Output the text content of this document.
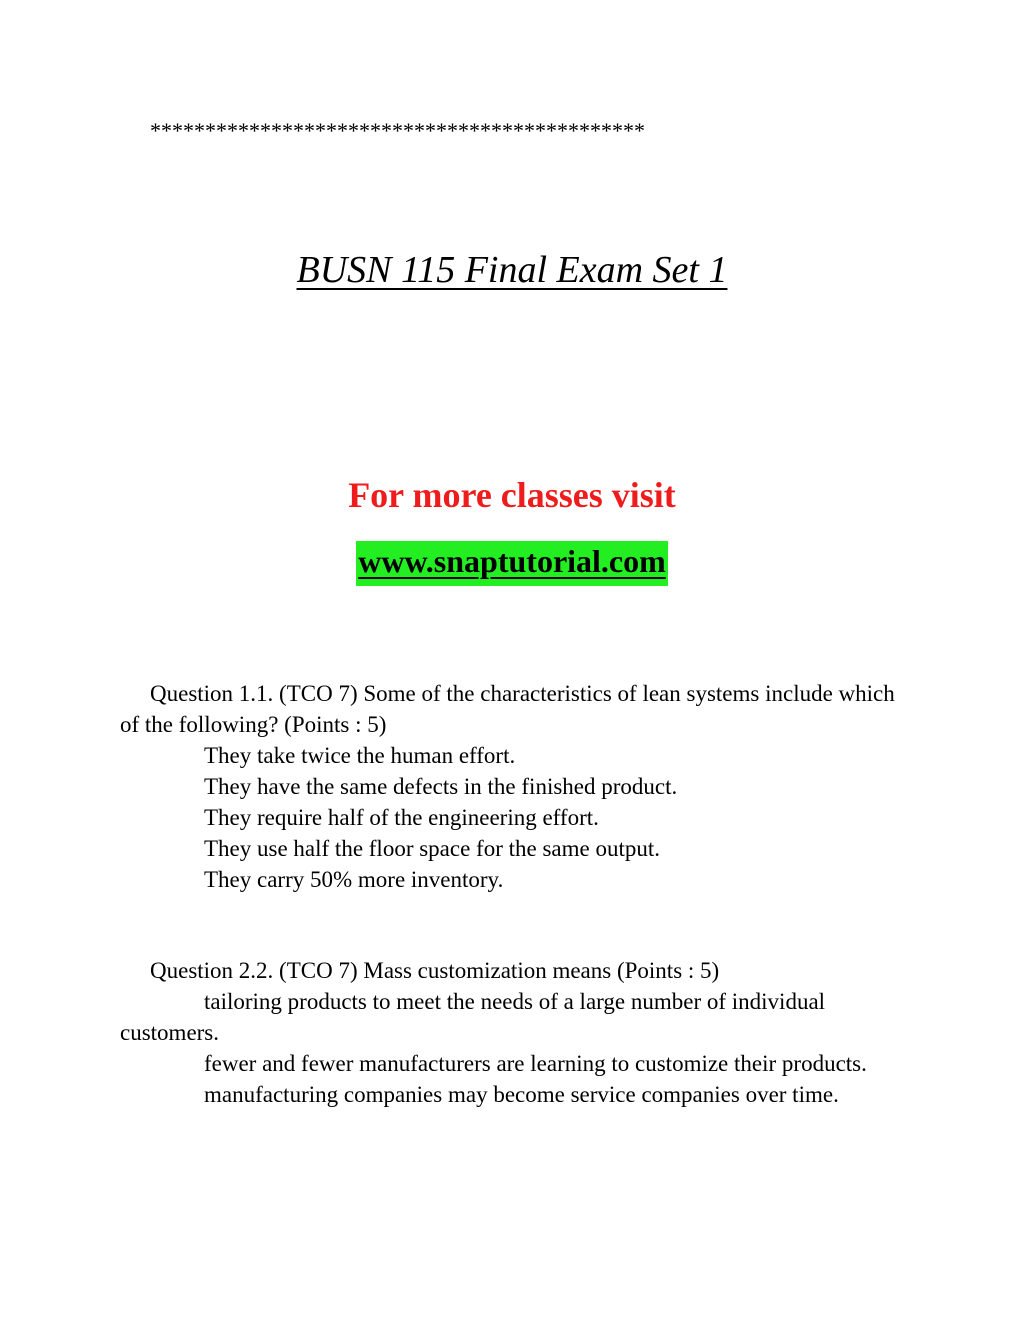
*********************************************
BUSN 115 Final Exam Set 1
For more classes visit
www.snaptutorial.com

Question 1.1. (TCO 7) Some of the characteristics of lean systems include which of the following? (Points : 5)

They take twice the human effort.

They have the same defects in the finished product.

They require half of the engineering effort.

They use half the floor space for the same output.

They carry 50% more inventory.

Question 2.2. (TCO 7) Mass customization means (Points : 5)

tailoring products to meet the needs of a large number of individual customers.

fewer and fewer manufacturers are learning to customize their products.

manufacturing companies may become service companies over time.
